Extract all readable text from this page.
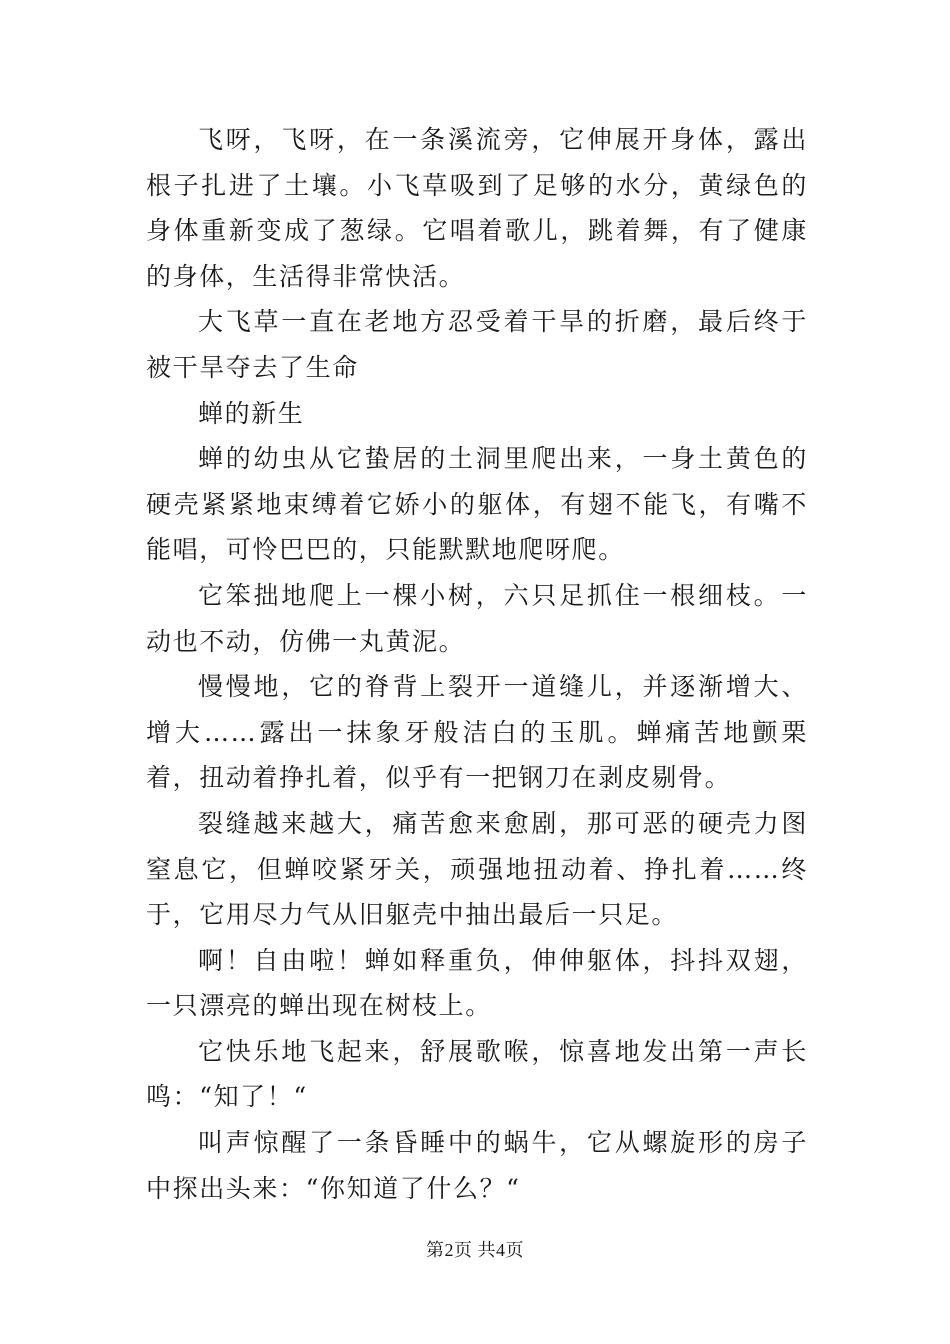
飞呀，飞呀，在一条溪流旁，它伸展开身体，露出根子扎进了土壤。小飞草吸到了足够的水分，黄绿色的身体重新变成了葱绿。它唱着歌儿，跳着舞，有了健康的身体，生活得非常快活。

大飞草一直在老地方忍受着干旱的折磨，最后终于被干旱夺去了生命

蝉的新生

蝉的幼虫从它蛰居的土洞里爬出来，一身土黄色的硬壳紧紧地束缚着它娇小的躯体，有翅不能飞，有嘴不能唱，可怜巴巴的，只能默默地爬呀爬。

它笨拙地爬上一棵小树，六只足抓住一根细枝。一动也不动，仿佛一丸黄泥。

慢慢地，它的脊背上裂开一道缝儿，并逐渐增大、增大……露出一抹象牙般洁白的玉肌。蝉痛苦地颤栗着，扭动着挣扎着，似乎有一把钢刀在剥皮剔骨。

裂缝越来越大，痛苦愈来愈剧，那可恶的硬壳力图窒息它，但蝉咬紧牙关，顽强地扭动着、挣扎着……终于，它用尽力气从旧躯壳中抽出最后一只足。

啊！自由啦！蝉如释重负，伸伸躯体，抖抖双翅，一只漂亮的蝉出现在树枝上。

它快乐地飞起来，舒展歌喉，惊喜地发出第一声长鸣：“知了！“

叫声惊醒了一条昏睡中的蜗牛，它从螺旋形的房子中探出头来：“你知道了什么？“

第2页 共4页
